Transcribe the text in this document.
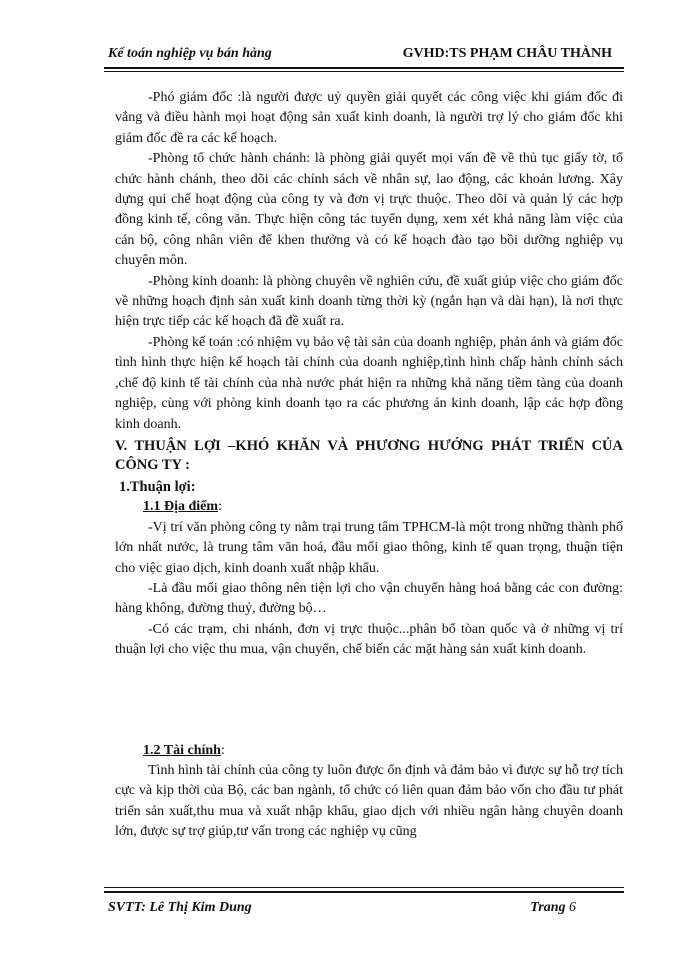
Kế toán nghiệp vụ bán hàng	GVHD:TS PHẠM CHÂU THÀNH

-Phó giám đốc :là người được uỷ quyền giải quyết các công việc khi giám đốc đi vắng và điều hành mọi hoạt động sản xuất kinh doanh, là người trợ lý cho giám đốc khi giám đốc đề ra các kế hoạch.

-Phòng tổ chức hành chánh: là phòng giải quyết mọi vấn đề về thủ tục giấy tờ, tổ chức hành chánh, theo dõi các chính sách về nhân sự, lao động, các khoản lương. Xây dựng qui chế hoạt động của công ty và đơn vị trực thuộc. Theo dõi và quản lý các hợp đồng kinh tế, công văn. Thực hiện công tác tuyển dụng, xem xét khả năng làm việc của cán bộ, công nhân viên để khen thưởng và có kế hoạch đào tạo bồi dưỡng nghiệp vụ chuyên môn.

-Phòng kinh doanh: là phòng chuyên về nghiên cứu, đề xuất giúp việc cho giám đốc về những hoạch định sản xuất kinh doanh từng thời kỳ (ngắn hạn và dài hạn), là nơi thực hiện trực tiếp các kế hoạch đã đề xuất ra.

-Phòng kế toán :có nhiệm vụ bảo vệ tài sản của doanh nghiệp, phản ánh và giám đốc tình hình thực hiện kế hoạch tài chính của doanh nghiệp,tình hình chấp hành chính sách ,chế độ kinh tế tài chính của nhà nước phát hiện ra những khả năng tiềm tàng của doanh nghiệp, cùng với phòng kinh doanh tạo ra các phương án kinh doanh, lập các hợp đồng kinh doanh.

V. THUẬN LỢI –KHÓ KHĂN VÀ PHƯƠNG HƯỚNG PHÁT TRIỂN CỦA CÔNG TY :

1.Thuận lợi:

1.1 Địa điểm:

-Vị trí văn phòng công ty nằm trại trung tâm TPHCM-là một trong những thành phố lớn nhất nước, là trung tâm văn hoá, đầu mối giao thông, kinh tế quan trọng, thuận tiện cho việc giao dịch, kinh doanh xuất nhập khẩu.

-Là đầu mối giao thông nên tiện lợi cho vận chuyển hàng hoá bằng các con đường: hàng không, đường thuỷ, đường bộ…

-Có các trạm, chi nhánh, đơn vị trực thuộc...phân bổ tòan quốc và ở những vị trí thuận lợi cho việc thu mua, vận chuyển, chế biến các mặt hàng sản xuất kinh doanh.

1.2 Tài chính:

Tình hình tài chính của công ty luôn được ổn định và đảm bảo vì được sự hỗ trợ tích cực và kịp thời của Bộ, các ban ngành, tổ chức có liên quan đảm bảo vốn cho đầu tư phát triển sản xuất,thu mua và xuất nhập khẩu, giao dịch với nhiều ngân hàng chuyên doanh lớn, được sự trợ giúp,tư vấn trong các nghiệp vụ cũng

SVTT: Lê Thị Kim Dung	Trang 6
